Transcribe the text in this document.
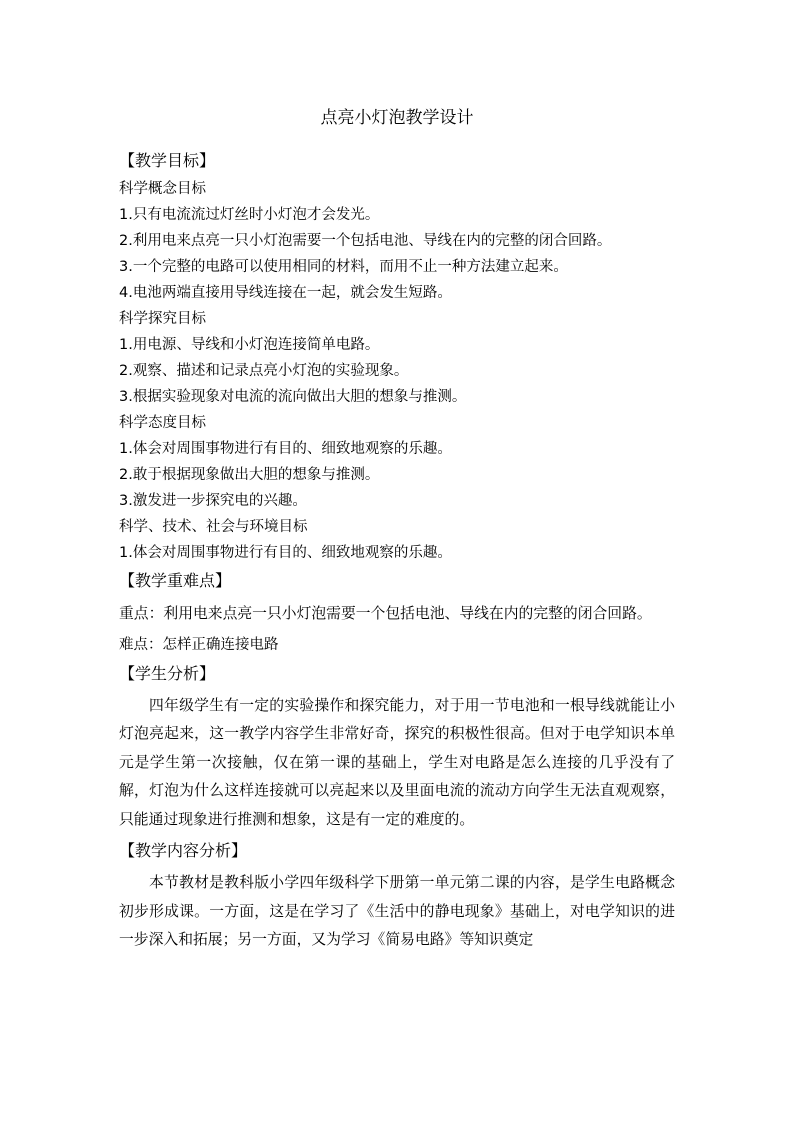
点亮小灯泡教学设计
【教学目标】
科学概念目标
1.只有电流流过灯丝时小灯泡才会发光。
2.利用电来点亮一只小灯泡需要一个包括电池、导线在内的完整的闭合回路。
3.一个完整的电路可以使用相同的材料，而用不止一种方法建立起来。
4.电池两端直接用导线连接在一起，就会发生短路。
科学探究目标
1.用电源、导线和小灯泡连接简单电路。
2.观察、描述和记录点亮小灯泡的实验现象。
3.根据实验现象对电流的流向做出大胆的想象与推测。
科学态度目标
1.体会对周围事物进行有目的、细致地观察的乐趣。
2.敢于根据现象做出大胆的想象与推测。
3.激发进一步探究电的兴趣。
科学、技术、社会与环境目标
1.体会对周围事物进行有目的、细致地观察的乐趣。
【教学重难点】
重点：利用电来点亮一只小灯泡需要一个包括电池、导线在内的完整的闭合回路。
难点：怎样正确连接电路
【学生分析】
四年级学生有一定的实验操作和探究能力，对于用一节电池和一根导线就能让小灯泡亮起来，这一教学内容学生非常好奇，探究的积极性很高。但对于电学知识本单元是学生第一次接触，仅在第一课的基础上，学生对电路是怎么连接的几乎没有了解，灯泡为什么这样连接就可以亮起来以及里面电流的流动方向学生无法直观观察，只能通过现象进行推测和想象，这是有一定的难度的。
【教学内容分析】
本节教材是教科版小学四年级科学下册第一单元第二课的内容，是学生电路概念初步形成课。一方面，这是在学习了《生活中的静电现象》基础上，对电学知识的进一步深入和拓展；另一方面，又为学习《简易电路》等知识奠定
